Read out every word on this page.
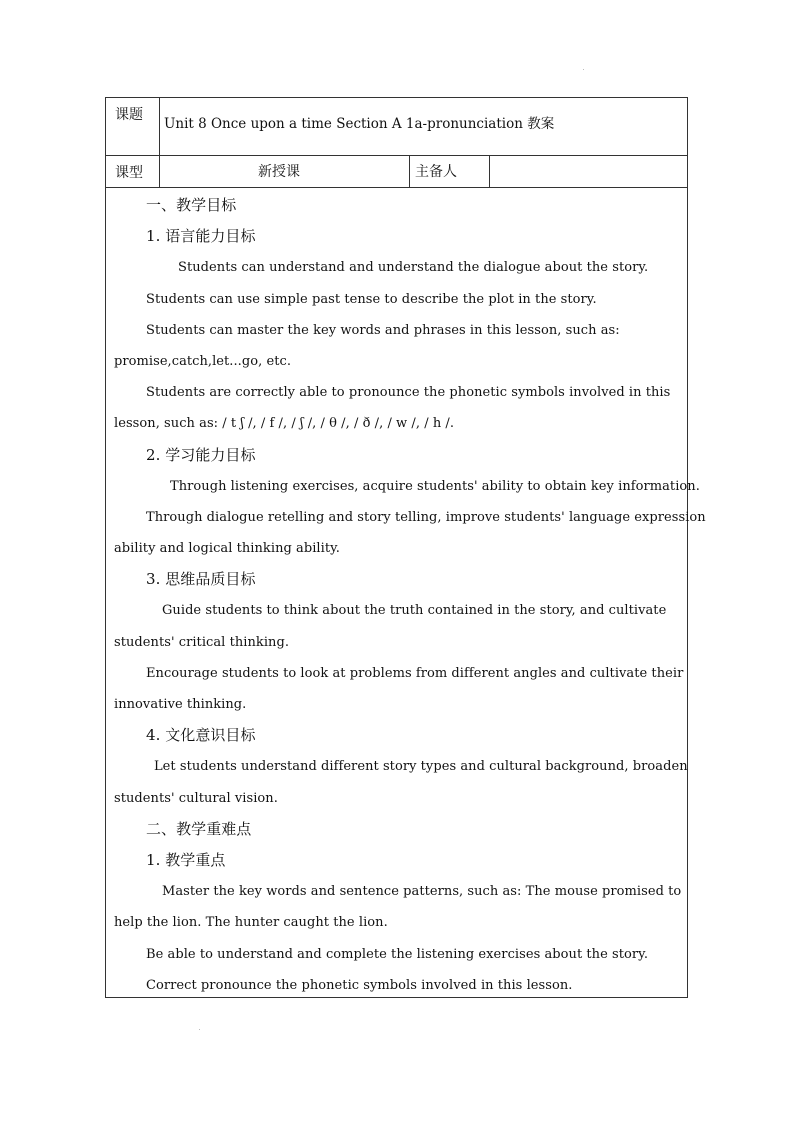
课题
Unit 8 Once upon a time Section A 1a-pronunciation 教案
课型	新授课	主备人
一、教学目标
1. 语言能力目标
Students can understand and understand the dialogue about the story.
Students can use simple past tense to describe the plot in the story.
Students can master the key words and phrases in this lesson, such as:
promise,catch,let...go, etc.
Students are correctly able to pronounce the phonetic symbols involved in this
lesson, such as: / t ʃ /, / f /, / ʃ /, / θ /, / ð /, / w /, / h /.
2. 学习能力目标
Through listening exercises, acquire students' ability to obtain key information.
Through dialogue retelling and story telling, improve students' language expression
ability and logical thinking ability.
3. 思维品质目标
Guide students to think about the truth contained in the story, and cultivate
students' critical thinking.
Encourage students to look at problems from different angles and cultivate their
innovative thinking.
4. 文化意识目标
Let students understand different story types and cultural background, broaden
students' cultural vision.
二、教学重难点
1. 教学重点
Master the key words and sentence patterns, such as: The mouse promised to
help the lion. The hunter caught the lion.
Be able to understand and complete the listening exercises about the story.
Correct pronounce the phonetic symbols involved in this lesson.
